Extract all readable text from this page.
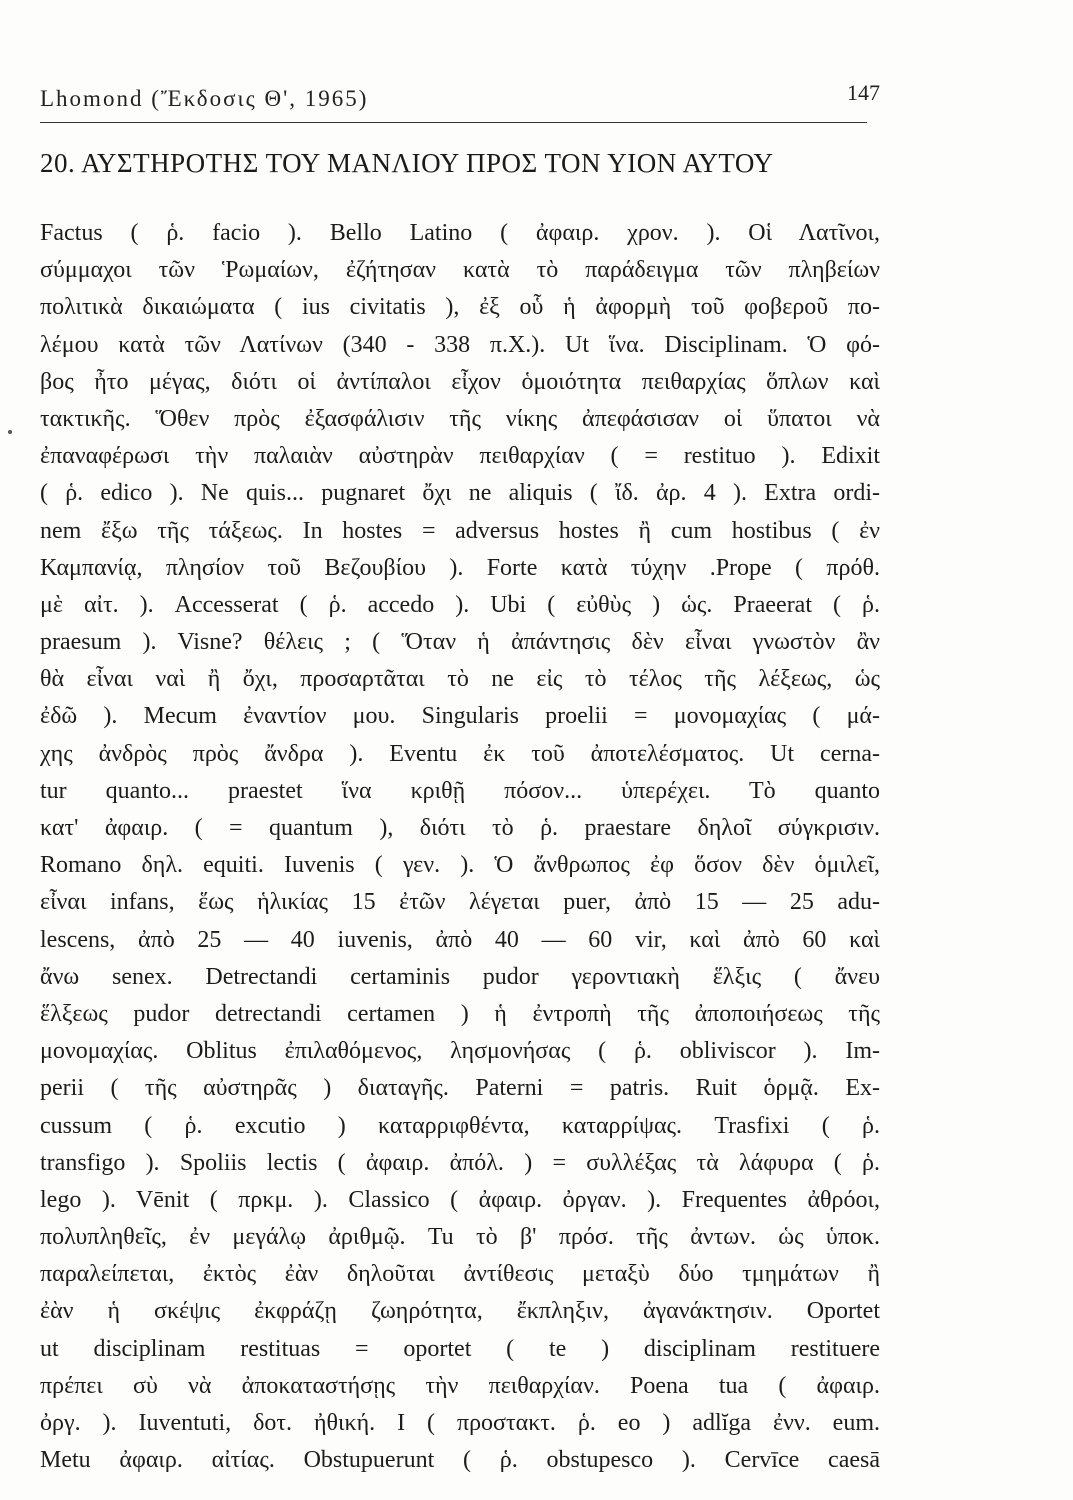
Lhomond (Ἔκδοσις Θ', 1965)	147
20. ΑΥΣΤΗΡΟΤΗΣ ΤΟΥ ΜΑΝΛΙΟΥ ΠΡΟΣ ΤΟΝ ΥΙΟΝ ΑΥΤΟΥ
Factus ( ῥ. facio ). Bello Latino ( ἀφαιρ. χρον. ). Οἱ Λατῖνοι,
σύμμαχοι τῶν Ῥωμαίων, ἐζήτησαν κατὰ τὸ παράδειγμα τῶν πληβείων
πολιτικὰ δικαιώματα ( ius civitatis ), ἐξ οὗ ἡ ἀφορμὴ τοῦ φοβεροῦ πο-
λέμου κατὰ τῶν Λατίνων (340 - 338 π.Χ.). Ut ἵνα. Disciplinam. Ὁ φό-
βος ἦτο μέγας, διότι οἱ ἀντίπαλοι εἶχον ὁμοιότητα πειθαρχίας ὅπλων καὶ
τακτικῆς. Ὅθεν πρὸς ἐξασφάλισιν τῆς νίκης ἀπεφάσισαν οἱ ὕπατοι νὰ
ἐπαναφέρωσι τὴν παλαιὰν αὐστηρὰν πειθαρχίαν ( = restituo ). Edixit
( ῥ. edico ). Ne quis... pugnaret ὄχι ne aliquis ( ἴδ. ἀρ. 4 ). Extra ordi-
nem ἔξω τῆς τάξεως. In hostes = adversus hostes ἢ cum hostibus ( ἐν
Καμπανίᾳ, πλησίον τοῦ Βεζουβίου ). Forte κατὰ τύχην .Prope ( πρόθ.
μὲ αἰτ. ). Accesserat ( ῥ. accedo ). Ubi ( εὐθὺς ) ὡς. Praeerat ( ῥ.
praesum ). Visne? θέλεις ; ( Ὅταν ἡ ἀπάντησις δὲν εἶναι γνωστὸν ἂν
θὰ εἶναι ναὶ ἢ ὄχι, προσαρτᾶται τὸ ne εἰς τὸ τέλος τῆς λέξεως, ὡς
ἐδῶ ). Mecum ἐναντίον μου. Singularis proelii = μονομαχίας ( μά-
χης ἀνδρὸς πρὸς ἄνδρα ). Eventu ἐκ τοῦ ἀποτελέσματος. Ut cerna-
tur quanto... praestet ἵνα κριθῇ πόσον... ὑπερέχει. Τὸ quanto
κατ' ἀφαιρ. ( = quantum ), διότι τὸ ῥ. praestare δηλοῖ σύγκρισιν.
Romano δηλ. equiti. Iuvenis ( γεν. ). Ὁ ἄνθρωπος ἐφ ὅσον δὲν ὁμιλεῖ,
εἶναι infans, ἕως ἡλικίας 15 ἐτῶν λέγεται puer, ἀπὸ 15 — 25 adu-
lescens, ἀπὸ 25 — 40 iuvenis, ἀπὸ 40 — 60 vir, καὶ ἀπὸ 60 καὶ
ἄνω senex. Detrectandi certaminis pudor γεροντιακὴ ἕλξις ( ἄνευ
ἕλξεως pudor detrectandi certamen ) ἡ ἐντροπὴ τῆς ἀποποιήσεως τῆς
μονομαχίας. Oblitus ἐπιλαθόμενος, λησμονήσας ( ῥ. obliviscor ). Im-
perii ( τῆς αὐστηρᾶς ) διαταγῆς. Paterni = patris. Ruit ὁρμᾷ. Ex-
cussum ( ῥ. excutio ) καταρριφθέντα, καταρρίψας. Trasfixi ( ῥ.
transfigo ). Spoliis lectis ( ἀφαιρ. ἀπόλ. ) = συλλέξας τὰ λάφυρα ( ῥ.
lego ). Vēnit ( πρκμ. ). Classico ( ἀφαιρ. ὀργαν. ). Frequentes ἀθρόοι,
πολυπληθεῖς, ἐν μεγάλῳ ἀριθμῷ. Tu τὸ β' πρόσ. τῆς ἀντων. ὡς ὑποκ.
παραλείπεται, ἐκτὸς ἐὰν δηλοῦται ἀντίθεσις μεταξὺ δύο τμημάτων ἢ
ἐὰν ἡ σκέψις ἐκφράζῃ ζωηρότητα, ἔκπληξιν, ἀγανάκτησιν. Oportet
ut disciplinam restituas = oportet ( te ) disciplinam restituere
πρέπει σὺ νὰ ἀποκαταστήσῃς τὴν πειθαρχίαν. Poena tua ( ἀφαιρ.
ὀργ. ). Iuventuti, δοτ. ἠθική. I ( προστακτ. ῥ. eo ) adlĭga ἐνν. eum.
Metu ἀφαιρ. αἰτίας. Obstupuerunt ( ῥ. obstupesco ). Cervīce caesā
